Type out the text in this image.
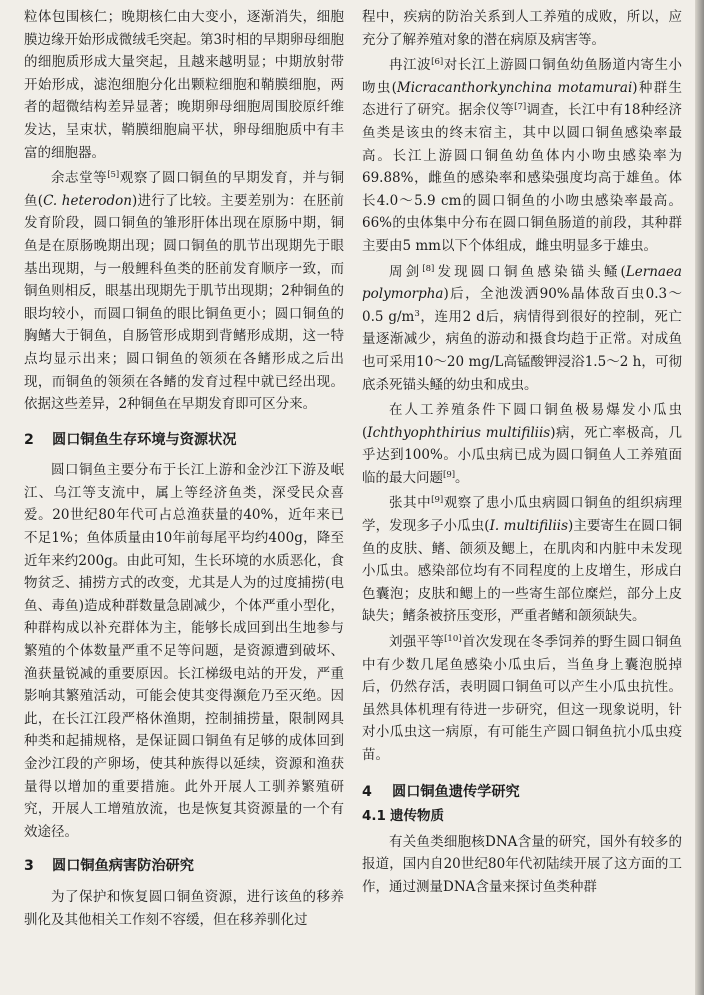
粒体包围核仁；晚期核仁由大变小，逐渐消失，细胞膜边缘开始形成微绒毛突起。第3时相的早期卵母细胞的细胞质形成大量突起，且越来越明显；中期放射带开始形成，滤泡细胞分化出颗粒细胞和鞘膜细胞，两者的超微结构差异显著；晚期卵母细胞周围胶原纤维发达，呈束状，鞘膜细胞扁平状，卵母细胞质中有丰富的细胞器。

余志堂等[5]观察了圆口铜鱼的早期发育，并与铜鱼(C. heterodon)进行了比较。主要差别为：在胚前发育阶段，圆口铜鱼的雏形肝体出现在原肠中期，铜鱼是在原肠晚期出现；圆口铜鱼的肌节出现期先于眼基出现期，与一般鲤科鱼类的胚前发育顺序一致，而铜鱼则相反，眼基出现期先于肌节出现期；2种铜鱼的眼均较小，而圆口铜鱼的眼比铜鱼更小；圆口铜鱼的胸鳍大于铜鱼，自肠管形成期到背鳍形成期，这一特点均显示出来；圆口铜鱼的领须在各鳍形成之后出现，而铜鱼的领须在各鳍的发育过程中就已经出现。依据这些差异，2种铜鱼在早期发育即可区分来。

2 圆口铜鱼生存环境与资源状况

圆口铜鱼主要分布于长江上游和金沙江下游及岷江、乌江等支流中，属上等经济鱼类，深受民众喜爱。20世纪80年代可占总渔获量的40%，近年来已不足1%；鱼体质量由10年前每尾平均约400g，降至近年来约200g。由此可知，生长环境的水质恶化，食物贫乏、捕捞方式的改变，尤其是人为的过度捕捞(电鱼、毒鱼)造成种群数量急剧减少，个体严重小型化，种群构成以补充群体为主，能够长成回到出生地参与繁殖的个体数量严重不足等问题，是资源遭到破坏、渔获量锐减的重要原因。长江梯级电站的开发，严重影响其繁殖活动，可能会使其变得濒危乃至灭绝。因此，在长江江段严格休渔期，控制捕捞量，限制网具种类和起捕规格，是保证圆口铜鱼有足够的成体回到金沙江段的产卵场，使其种族得以延续，资源和渔获量得以增加的重要措施。此外开展人工驯养繁殖研究，开展人工增殖放流，也是恢复其资源量的一个有效途径。

3 圆口铜鱼病害防治研究

为了保护和恢复圆口铜鱼资源，进行该鱼的移养驯化及其他相关工作刻不容缓，但在移养驯化过

程中，疾病的防治关系到人工养殖的成败，所以，应充分了解养殖对象的潜在病原及病害等。

冉江波[6]对长江上游圆口铜鱼幼鱼肠道内寄生小吻虫(Micracanthorkynchina motamurai)种群生态进行了研究。据余仪等[7]调查，长江中有18种经济鱼类是该虫的终末宿主，其中以圆口铜鱼感染率最高。长江上游圆口铜鱼幼鱼体内小吻虫感染率为69.88%，雌鱼的感染率和感染强度均高于雄鱼。体长4.0～5.9 cm的圆口铜鱼的小吻虫感染率最高。66%的虫体集中分布在圆口铜鱼肠道的前段，其种群主要由5 mm以下个体组成，雌虫明显多于雄虫。

周剑[8]发现圆口铜鱼感染锚头鳋(Lernaea polymorpha)后，全池泼洒90%晶体敌百虫0.3～0.5 $g/m^3$，连用2 d后，病情得到很好的控制，死亡量逐渐减少，病鱼的游动和摄食均趋于正常。对成鱼也可采用10～20 mg/L高锰酸钾浸浴1.5～2 h，可彻底杀死锚头鳋的幼虫和成虫。

在人工养殖条件下圆口铜鱼极易爆发小瓜虫(Ichthyophthirius multifiliis)病，死亡率极高，几乎达到100%。小瓜虫病已成为圆口铜鱼人工养殖面临的最大问题[9]。

张其中[9]观察了患小瓜虫病圆口铜鱼的组织病理学，发现多子小瓜虫(I. multifiliis)主要寄生在圆口铜鱼的皮肤、鳍、颌须及鳃上，在肌肉和内脏中未发现小瓜虫。感染部位均有不同程度的上皮增生，形成白色囊泡；皮肤和鳃上的一些寄生部位糜烂，部分上皮缺失；鳍条被挤压变形，严重者鳍和颌须缺失。

刘强平等[10]首次发现在冬季饲养的野生圆口铜鱼中有少数几尾鱼感染小瓜虫后，当鱼身上囊泡脱掉后，仍然存活，表明圆口铜鱼可以产生小瓜虫抗性。虽然具体机理有待进一步研究，但这一现象说明，针对小瓜虫这一病原，有可能生产圆口铜鱼抗小瓜虫疫苗。

4 圆口铜鱼遗传学研究
4.1 遗传物质

有关鱼类细胞核DNA含量的研究，国外有较多的报道，国内自20世纪80年代初陆续开展了这方面的工作，通过测量DNA含量来探讨鱼类种群
